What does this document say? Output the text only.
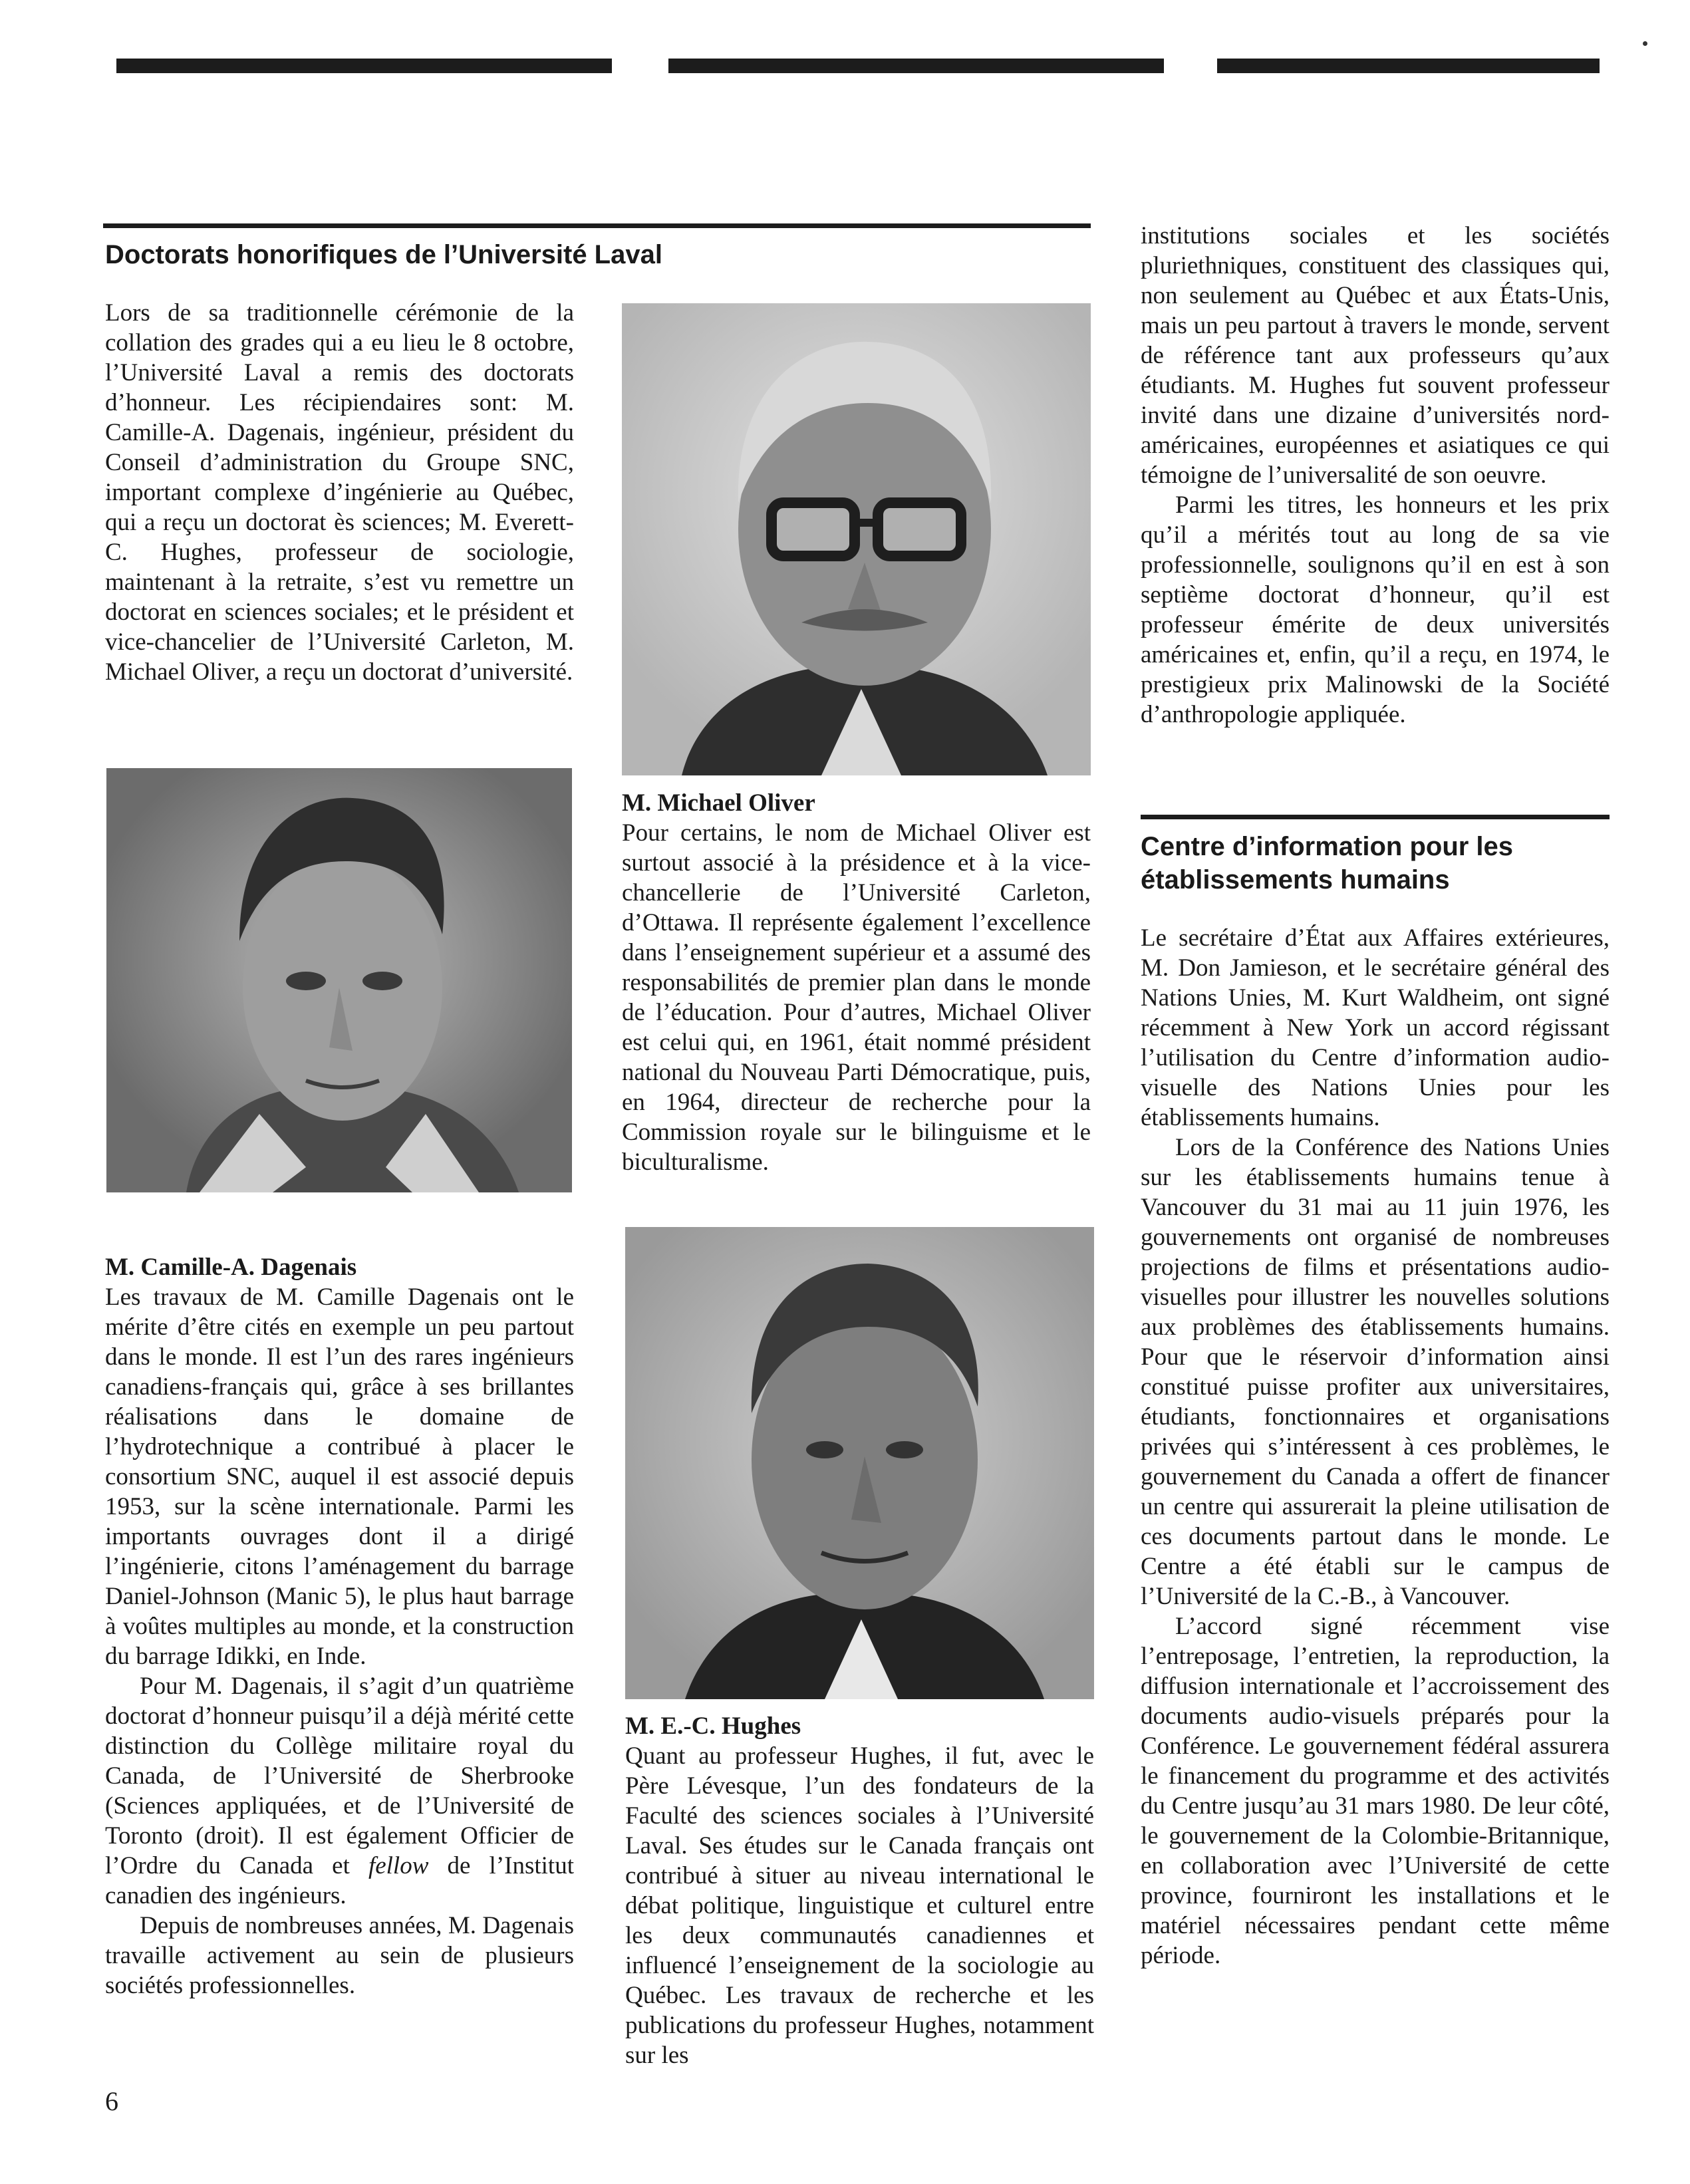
Doctorats honorifiques de l’Université Laval

Lors de sa traditionnelle cérémonie de la collation des grades qui a eu lieu le 8 octobre, l’Université Laval a remis des doctorats d’honneur. Les récipiendaires sont: M. Camille-A. Dagenais, ingénieur, président du Conseil d’administration du Groupe SNC, important complexe d’ingénierie au Québec, qui a reçu un doctorat ès sciences; M. Everett-C. Hughes, professeur de sociologie, maintenant à la retraite, s’est vu remettre un doctorat en sciences sociales; et le président et vice-chancelier de l’Université Carleton, M. Michael Oliver, a reçu un doctorat d’université.

M. Camille-A. Dagenais
Les travaux de M. Camille Dagenais ont le mérite d’être cités en exemple un peu partout dans le monde. Il est l’un des rares ingénieurs canadiens-français qui, grâce à ses brillantes réalisations dans le domaine de l’hydrotechnique a contribué à placer le consortium SNC, auquel il est associé depuis 1953, sur la scène internationale. Parmi les importants ouvrages dont il a dirigé l’ingénierie, citons l’aménagement du barrage Daniel-Johnson (Manic 5), le plus haut barrage à voûtes multiples au monde, et la construction du barrage Idikki, en Inde.

Pour M. Dagenais, il s’agit d’un quatrième doctorat d’honneur puisqu’il a déjà mérité cette distinction du Collège militaire royal du Canada, de l’Université de Sherbrooke (Sciences appliquées, et de l’Université de Toronto (droit). Il est également Officier de l’Ordre du Canada et fellow de l’Institut canadien des ingénieurs.

Depuis de nombreuses années, M. Dagenais travaille activement au sein de plusieurs sociétés professionnelles.

M. Michael Oliver
Pour certains, le nom de Michael Oliver est surtout associé à la présidence et à la vice-chancellerie de l’Université Carleton, d’Ottawa. Il représente également l’excellence dans l’enseignement supérieur et a assumé des responsabilités de premier plan dans le monde de l’éducation. Pour d’autres, Michael Oliver est celui qui, en 1961, était nommé président national du Nouveau Parti Démocratique, puis, en 1964, directeur de recherche pour la Commission royale sur le bilinguisme et le biculturalisme.

M. E.-C. Hughes
Quant au professeur Hughes, il fut, avec le Père Lévesque, l’un des fondateurs de la Faculté des sciences sociales à l’Université Laval. Ses études sur le Canada français ont contribué à situer au niveau international le débat politique, linguistique et culturel entre les deux communautés canadiennes et influencé l’enseignement de la sociologie au Québec. Les travaux de recherche et les publications du professeur Hughes, notamment sur les

institutions sociales et les sociétés pluriethniques, constituent des classiques qui, non seulement au Québec et aux États-Unis, mais un peu partout à travers le monde, servent de référence tant aux professeurs qu’aux étudiants. M. Hughes fut souvent professeur invité dans une dizaine d’universités nord-américaines, européennes et asiatiques ce qui témoigne de l’universalité de son oeuvre.

Parmi les titres, les honneurs et les prix qu’il a mérités tout au long de sa vie professionnelle, soulignons qu’il en est à son septième doctorat d’honneur, qu’il est professeur émérite de deux universités américaines et, enfin, qu’il a reçu, en 1974, le prestigieux prix Malinowski de la Société d’anthropologie appliquée.

Centre d’information pour les établissements humains

Le secrétaire d’État aux Affaires extérieures, M. Don Jamieson, et le secrétaire général des Nations Unies, M. Kurt Waldheim, ont signé récemment à New York un accord régissant l’utilisation du Centre d’information audio-visuelle des Nations Unies pour les établissements humains.

Lors de la Conférence des Nations Unies sur les établissements humains tenue à Vancouver du 31 mai au 11 juin 1976, les gouvernements ont organisé de nombreuses projections de films et présentations audio-visuelles pour illustrer les nouvelles solutions aux problèmes des établissements humains. Pour que le réservoir d’information ainsi constitué puisse profiter aux universitaires, étudiants, fonctionnaires et organisations privées qui s’intéressent à ces problèmes, le gouvernement du Canada a offert de financer un centre qui assurerait la pleine utilisation de ces documents partout dans le monde. Le Centre a été établi sur le campus de l’Université de la C.-B., à Vancouver.

L’accord signé récemment vise l’entreposage, l’entretien, la reproduction, la diffusion internationale et l’accroissement des documents audio-visuels préparés pour la Conférence. Le gouvernement fédéral assurera le financement du programme et des activités du Centre jusqu’au 31 mars 1980. De leur côté, le gouvernement de la Colombie-Britannique, en collaboration avec l’Université de cette province, fourniront les installations et le matériel nécessaires pendant cette même période.

6
